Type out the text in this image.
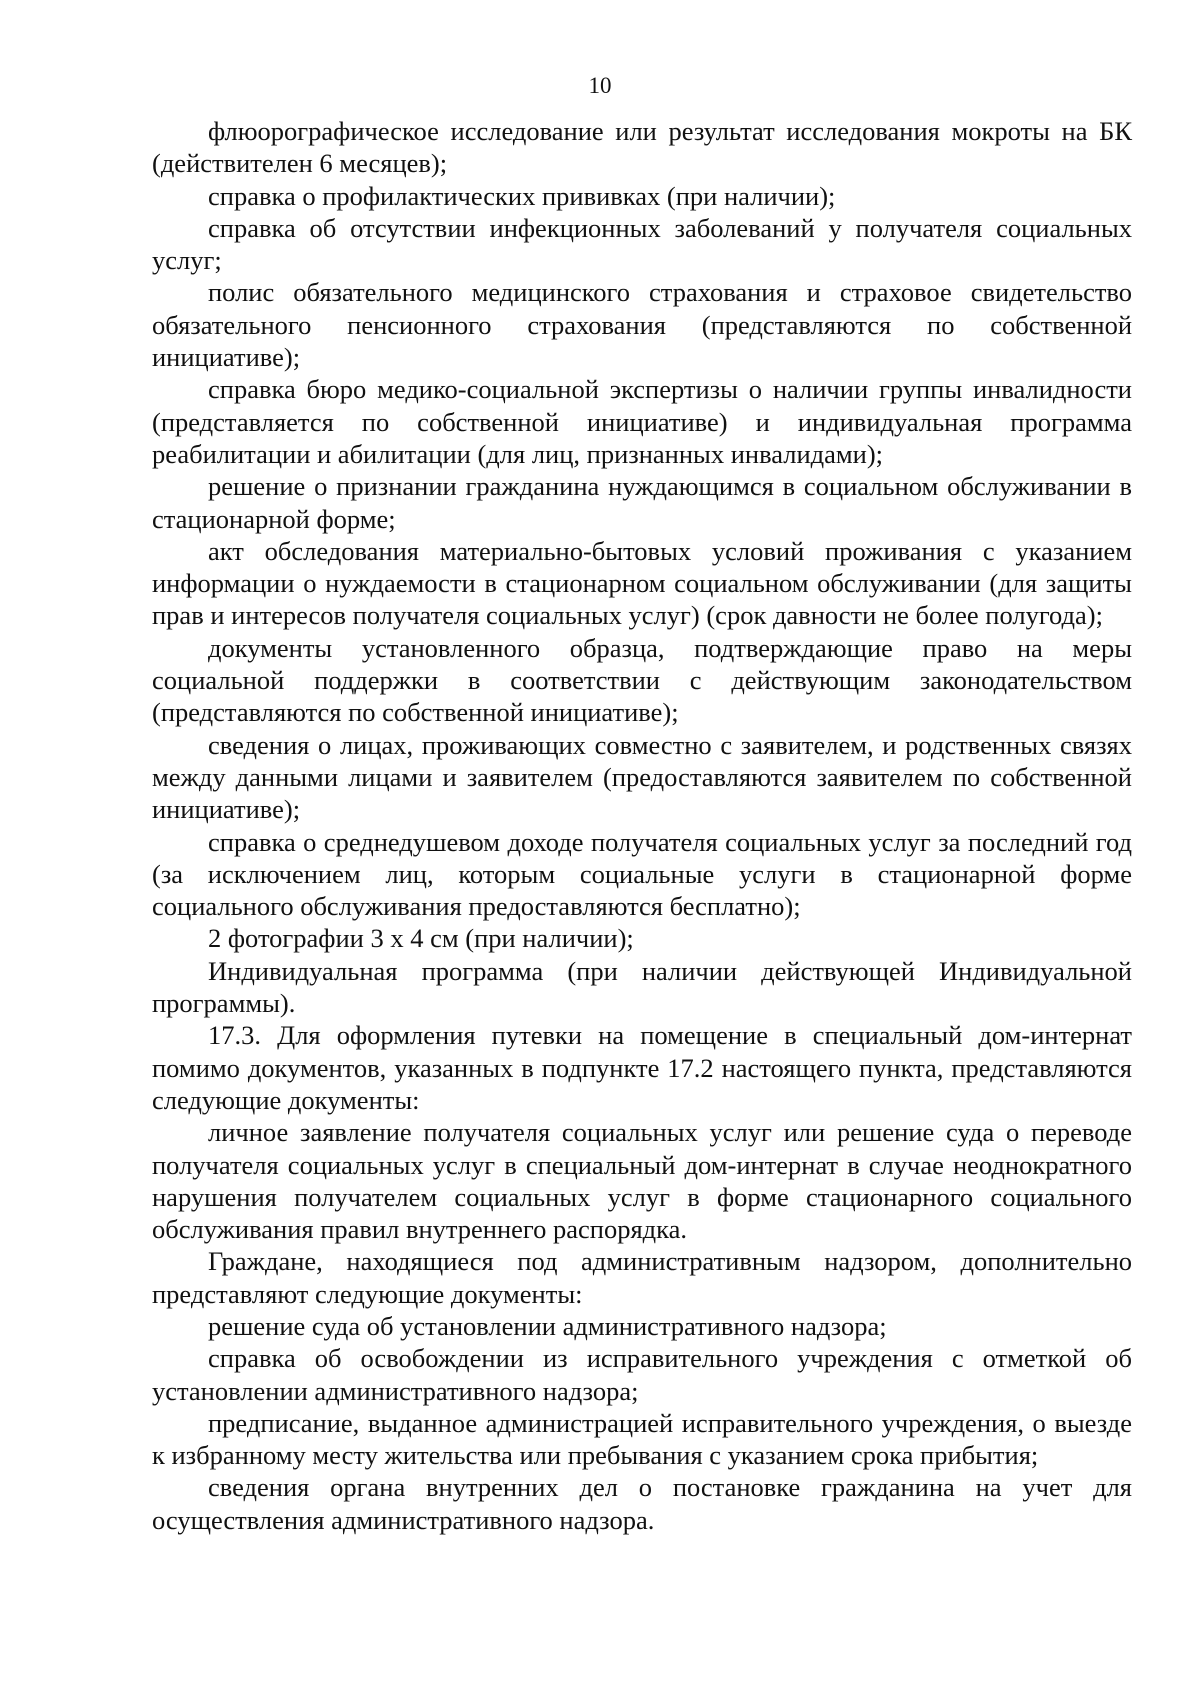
10

флюорографическое исследование или результат исследования мокроты на БК (действителен 6 месяцев);

справка о профилактических прививках (при наличии);

справка об отсутствии инфекционных заболеваний у получателя социальных услуг;

полис обязательного медицинского страхования и страховое свидетельство обязательного пенсионного страхования (представляются по собственной инициативе);

справка бюро медико-социальной экспертизы о наличии группы инвалидности (представляется по собственной инициативе) и индивидуальная программа реабилитации и абилитации (для лиц, признанных инвалидами);

решение о признании гражданина нуждающимся в социальном обслуживании в стационарной форме;

акт обследования материально-бытовых условий проживания с указанием информации о нуждаемости в стационарном социальном обслуживании (для защиты прав и интересов получателя социальных услуг) (срок давности не более полугода);

документы установленного образца, подтверждающие право на меры социальной поддержки в соответствии с действующим законодательством (представляются по собственной инициативе);

сведения о лицах, проживающих совместно с заявителем, и родственных связях между данными лицами и заявителем (предоставляются заявителем по собственной инициативе);

справка о среднедушевом доходе получателя социальных услуг за последний год (за исключением лиц, которым социальные услуги в стационарной форме социального обслуживания предоставляются бесплатно);

2 фотографии 3 х 4 см (при наличии);

Индивидуальная программа (при наличии действующей Индивидуальной программы).

17.3. Для оформления путевки на помещение в специальный дом-интернат помимо документов, указанных в подпункте 17.2 настоящего пункта, представляются следующие документы:

личное заявление получателя социальных услуг или решение суда о переводе получателя социальных услуг в специальный дом-интернат в случае неоднократного нарушения получателем социальных услуг в форме стационарного социального обслуживания правил внутреннего распорядка.

Граждане, находящиеся под административным надзором, дополнительно представляют следующие документы:

решение суда об установлении административного надзора;

справка об освобождении из исправительного учреждения с отметкой об установлении административного надзора;

предписание, выданное администрацией исправительного учреждения, о выезде к избранному месту жительства или пребывания с указанием срока прибытия;

сведения органа внутренних дел о постановке гражданина на учет для осуществления административного надзора.
